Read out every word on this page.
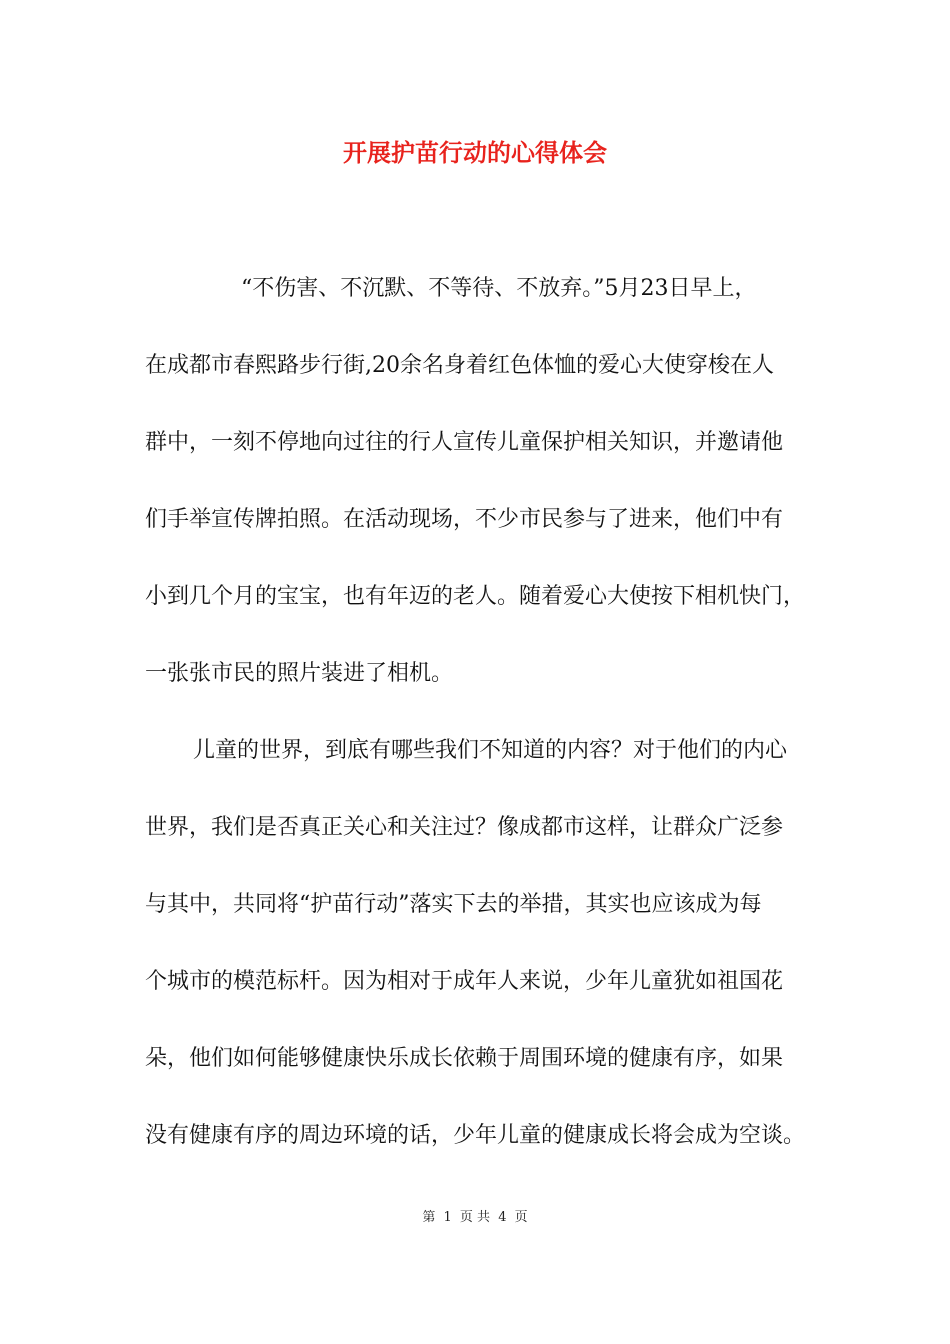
开展护苗行动的心得体会
“不伤害、不沉默、不等待、不放弃。”5月23日早上，
在成都市春熙路步行街,20余名身着红色体恤的爱心大使穿梭在人
群中，一刻不停地向过往的行人宣传儿童保护相关知识，并邀请他
们手举宣传牌拍照。在活动现场，不少市民参与了进来，他们中有
小到几个月的宝宝，也有年迈的老人。随着爱心大使按下相机快门，
一张张市民的照片装进了相机。
儿童的世界，到底有哪些我们不知道的内容？对于他们的内心
世界，我们是否真正关心和关注过？像成都市这样，让群众广泛参
与其中，共同将“护苗行动”落实下去的举措，其实也应该成为每
个城市的模范标杆。因为相对于成年人来说，少年儿童犹如祖国花
朵，他们如何能够健康快乐成长依赖于周围环境的健康有序，如果
没有健康有序的周边环境的话，少年儿童的健康成长将会成为空谈。
第 1 页 共 4 页
